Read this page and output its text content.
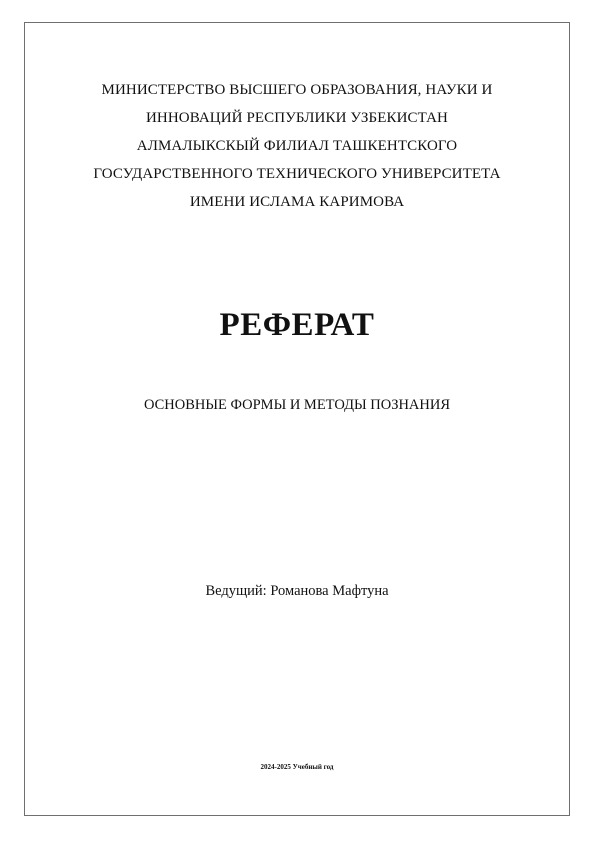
МИНИСТЕРСТВО ВЫСШЕГО ОБРАЗОВАНИЯ, НАУКИ И
ИННОВАЦИЙ РЕСПУБЛИКИ УЗБЕКИСТАН
АЛМАЛЫКСКЫЙ ФИЛИАЛ ТАШКЕНТСКОГО
ГОСУДАРСТВЕННОГО ТЕХНИЧЕСКОГО УНИВЕРСИТЕТА
ИМЕНИ ИСЛАМА КАРИМОВА
РЕФЕРАТ
ОСНОВНЫЕ ФОРМЫ И МЕТОДЫ ПОЗНАНИЯ
Ведущий: Романова Мафтуна
2024-2025 Учебный год
